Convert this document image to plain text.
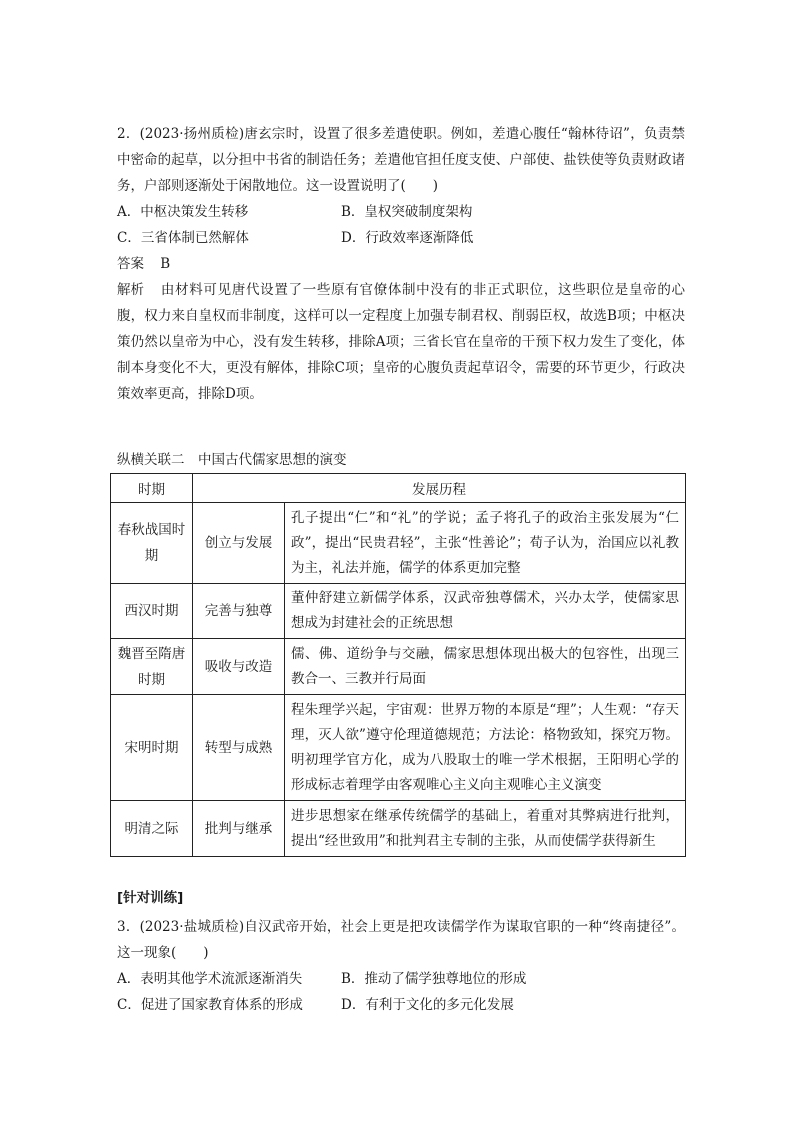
2．(2023·扬州质检)唐玄宗时，设置了很多差遣使职。例如，差遣心腹任“翰林待诏”，负责禁中密命的起草，以分担中书省的制诰任务；差遣他官担任度支使、户部使、盐铁使等负责财政诸务，户部则逐渐处于闲散地位。这一设置说明了(　　)

A．中枢决策发生转移	B．皇权突破制度架构
C．三省体制已然解体	D．行政效率逐渐降低

答案 B

解析 由材料可见唐代设置了一些原有官僚体制中没有的非正式职位，这些职位是皇帝的心腹，权力来自皇权而非制度，这样可以一定程度上加强专制君权、削弱臣权，故选B项；中枢决策仍然以皇帝为中心，没有发生转移，排除A项；三省长官在皇帝的干预下权力发生了变化，体制本身变化不大，更没有解体，排除C项；皇帝的心腹负责起草诏令，需要的环节更少，行政决策效率更高，排除D项。

纵横关联二　中国古代儒家思想的演变
时期	发展历程	
春秋战国时期	创立与发展	孔子提出“仁”和“礼”的学说；孟子将孔子的政治主张发展为“仁政”，提出“民贵君轻”，主张“性善论”；荀子认为，治国应以礼教为主，礼法并施，儒学的体系更加完整
西汉时期	完善与独尊	董仲舒建立新儒学体系，汉武帝独尊儒术，兴办太学，使儒家思想成为封建社会的正统思想
魏晋至隋唐时期	吸收与改造	儒、佛、道纷争与交融，儒家思想体现出极大的包容性，出现三教合一、三教并行局面
宋明时期	转型与成熟	程朱理学兴起，宇宙观：世界万物的本原是“理”；人生观：“存天理，灭人欲”遵守伦理道德规范；方法论：格物致知，探究万物。明初理学官方化，成为八股取士的唯一学术根据，王阳明心学的形成标志着理学由客观唯心主义向主观唯心主义演变
明清之际	批判与继承	进步思想家在继承传统儒学的基础上，着重对其弊病进行批判，提出“经世致用”和批判君主专制的主张，从而使儒学获得新生
[针对训练]

3．(2023·盐城质检)自汉武帝开始，社会上更是把攻读儒学作为谋取官职的一种“终南捷径”。这一现象(　　)

A．表明其他学术流派逐渐消失	B．推动了儒学独尊地位的形成
C．促进了国家教育体系的形成	D．有利于文化的多元化发展
